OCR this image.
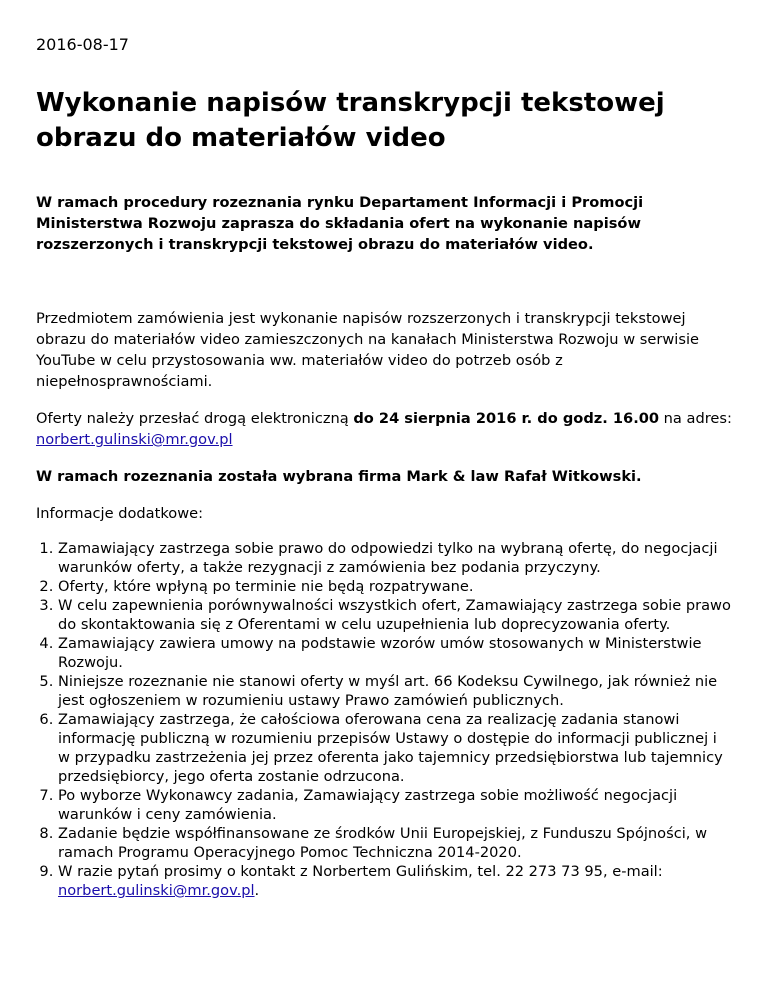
2016-08-17

Wykonanie napisów transkrypcji tekstowej obrazu do materiałów video

W ramach procedury rozeznania rynku Departament Informacji i Promocji Ministerstwa Rozwoju zaprasza do składania ofert na wykonanie napisów rozszerzonych i transkrypcji tekstowej obrazu do materiałów video.

Przedmiotem zamówienia jest wykonanie napisów rozszerzonych i transkrypcji tekstowej obrazu do materiałów video zamieszczonych na kanałach Ministerstwa Rozwoju w serwisie YouTube w celu przystosowania ww. materiałów video do potrzeb osób z niepełnosprawnościami.

Oferty należy przesłać drogą elektroniczną do 24 sierpnia 2016 r. do godz. 16.00 na adres: norbert.gulinski@mr.gov.pl

W ramach rozeznania została wybrana firma Mark & law Rafał Witkowski.

Informacje dodatkowe:

1. Zamawiający zastrzega sobie prawo do odpowiedzi tylko na wybraną ofertę, do negocjacji warunków oferty, a także rezygnacji z zamówienia bez podania przyczyny.
2. Oferty, które wpłyną po terminie nie będą rozpatrywane.
3. W celu zapewnienia porównywalności wszystkich ofert, Zamawiający zastrzega sobie prawo do skontaktowania się z Oferentami w celu uzupełnienia lub doprecyzowania oferty.
4. Zamawiający zawiera umowy na podstawie wzorów umów stosowanych w Ministerstwie Rozwoju.
5. Niniejsze rozeznanie nie stanowi oferty w myśl art. 66 Kodeksu Cywilnego, jak również nie jest ogłoszeniem w rozumieniu ustawy Prawo zamówień publicznych.
6. Zamawiający zastrzega, że całościowa oferowana cena za realizację zadania stanowi informację publiczną w rozumieniu przepisów Ustawy o dostępie do informacji publicznej i w przypadku zastrzeżenia jej przez oferenta jako tajemnicy przedsiębiorstwa lub tajemnicy przedsiębiorcy, jego oferta zostanie odrzucona.
7. Po wyborze Wykonawcy zadania, Zamawiający zastrzega sobie możliwość negocjacji warunków i ceny zamówienia.
8. Zadanie będzie współfinansowane ze środków Unii Europejskiej, z Funduszu Spójności, w ramach Programu Operacyjnego Pomoc Techniczna 2014-2020.
9. W razie pytań prosimy o kontakt z Norbertem Gulińskim, tel. 22 273 73 95, e-mail: norbert.gulinski@mr.gov.pl.
